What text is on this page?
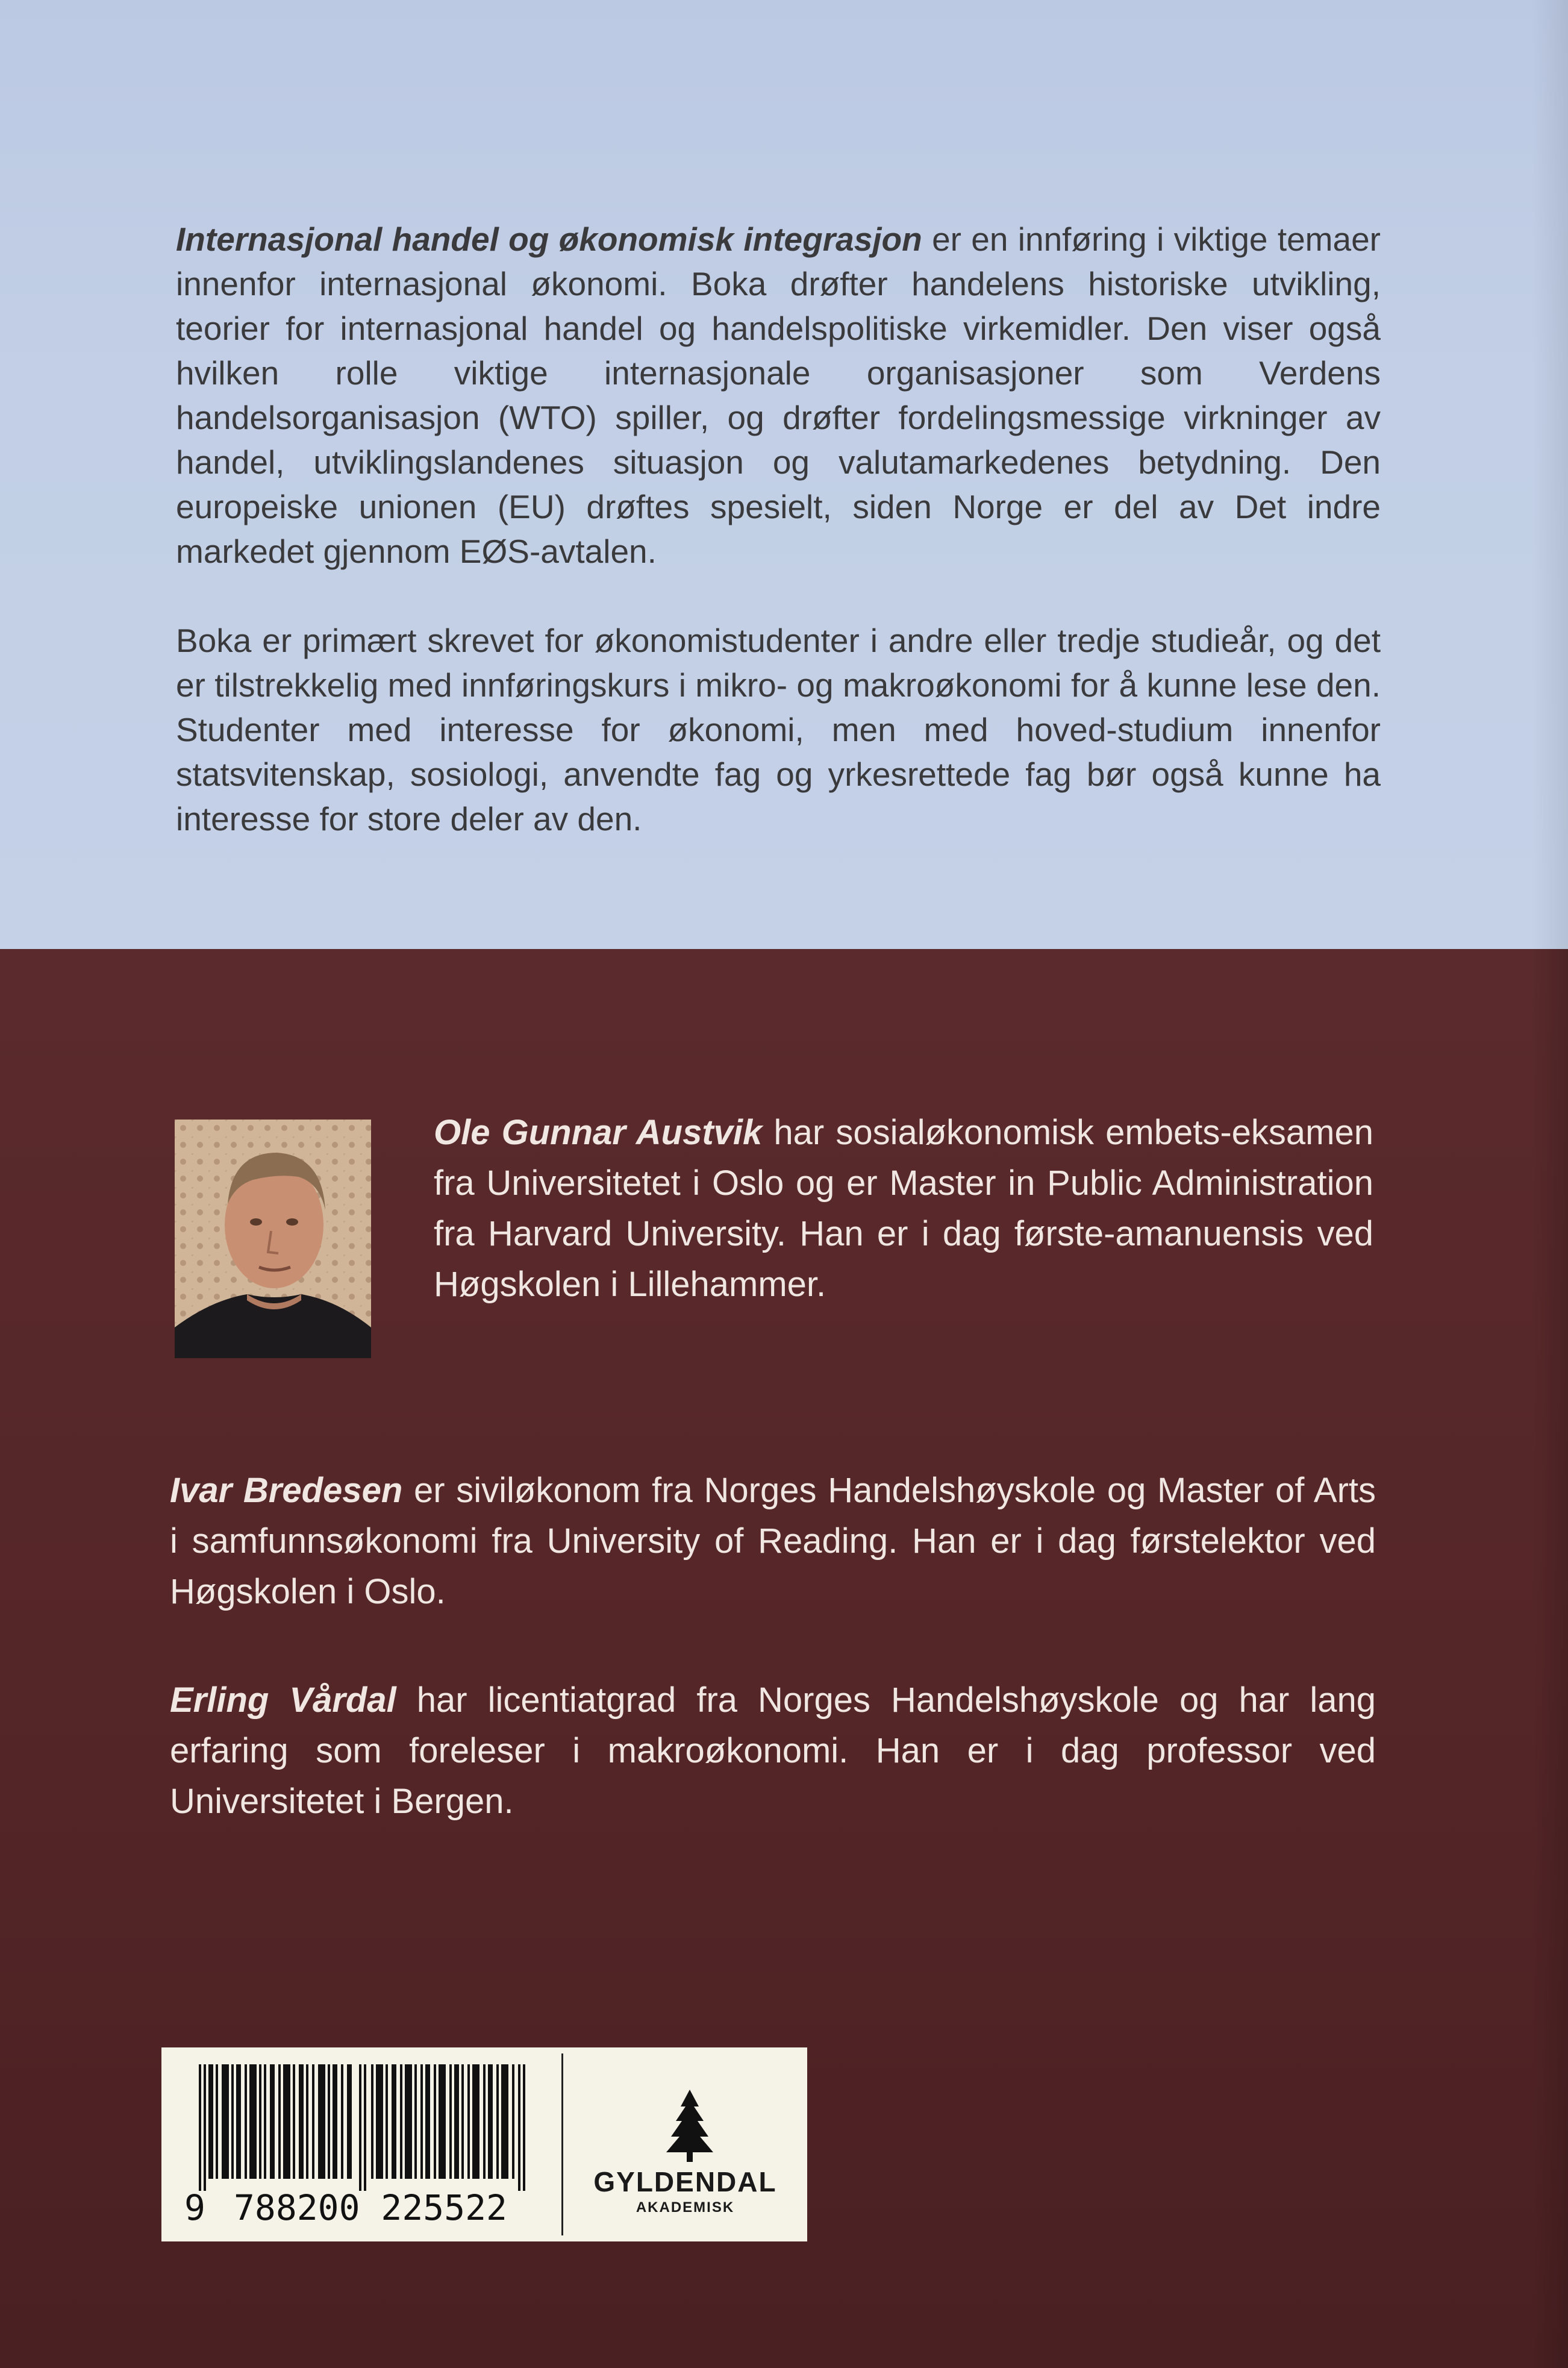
Internasjonal handel og økonomisk integrasjon er en innføring i viktige temaer innenfor internasjonal økonomi. Boka drøfter handelens historiske utvikling, teorier for internasjonal handel og handelspolitiske virkemidler. Den viser også hvilken rolle viktige internasjonale organisasjoner som Verdens handelsorganisasjon (WTO) spiller, og drøfter fordelingsmessige virkninger av handel, utviklingslandenes situasjon og valutamarkedenes betydning. Den europeiske unionen (EU) drøftes spesielt, siden Norge er del av Det indre markedet gjennom EØS-avtalen.

Boka er primært skrevet for økonomistudenter i andre eller tredje studieår, og det er tilstrekkelig med innføringskurs i mikro- og makroøkonomi for å kunne lese den. Studenter med interesse for økonomi, men med hoved-studium innenfor statsvitenskap, sosiologi, anvendte fag og yrkesrettede fag bør også kunne ha interesse for store deler av den.

Ole Gunnar Austvik har sosialøkonomisk embets-eksamen fra Universitetet i Oslo og er Master in Public Administration fra Harvard University. Han er i dag første-amanuensis ved Høgskolen i Lillehammer.
Ivar Bredesen er siviløkonom fra Norges Handelshøyskole og Master of Arts i samfunnsøkonomi fra University of Reading. Han er i dag førstelektor ved Høgskolen i Oslo.
Erling Vårdal har licentiatgrad fra Norges Handelshøyskole og har lang erfaring som foreleser i makroøkonomi. Han er i dag professor ved Universitetet i Bergen.
9 788200 225522
GYLDENDAL
AKADEMISK
